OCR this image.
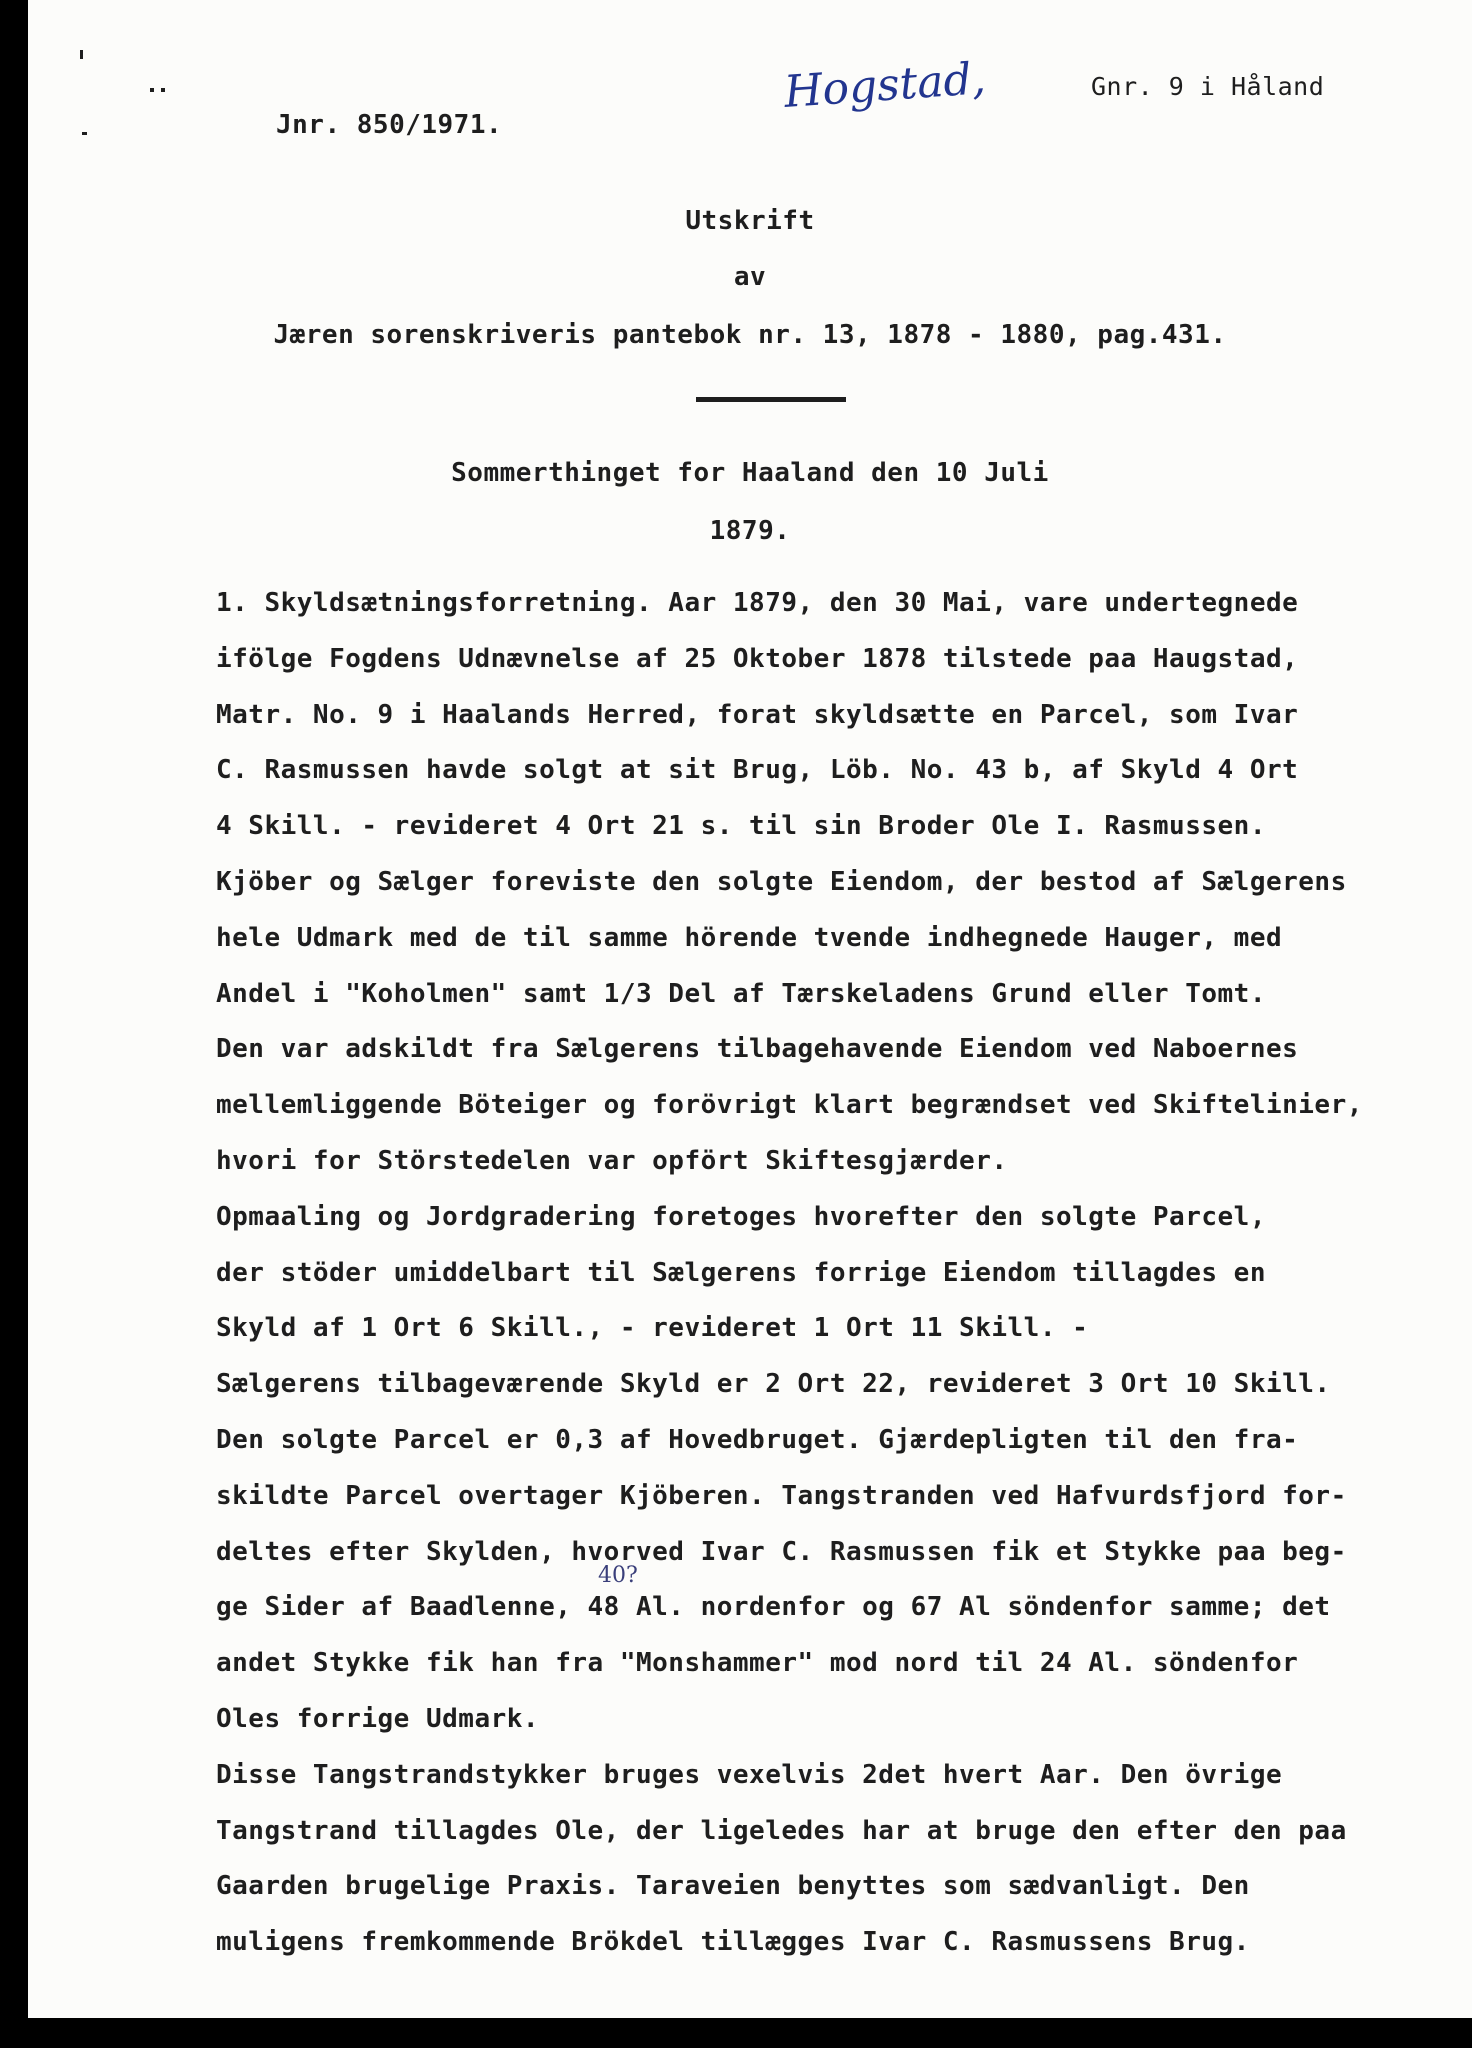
Hogstad,	Gnr. 9 i Håland
Jnr. 850/1971.
Utskrift
av
Jæren sorenskriveris pantebok nr. 13, 1878 - 1880, pag.431.
Sommerthinget for Haaland den 10 Juli
1879.
1. Skyldsætningsforretning. Aar 1879, den 30 Mai, vare undertegnede
ifölge Fogdens Udnævnelse af 25 Oktober 1878 tilstede paa Haugstad,
Matr. No. 9 i Haalands Herred, forat skyldsætte en Parcel, som Ivar
C. Rasmussen havde solgt at sit Brug, Löb. No. 43 b, af Skyld 4 Ort
4 Skill. - revideret 4 Ort 21 s. til sin Broder Ole I. Rasmussen.
Kjöber og Sælger foreviste den solgte Eiendom, der bestod af Sælgerens
hele Udmark med de til samme hörende tvende indhegnede Hauger, med
Andel i "Koholmen" samt 1/3 Del af Tærskeladens Grund eller Tomt.
Den var adskildt fra Sælgerens tilbagehavende Eiendom ved Naboernes
mellemliggende Böteiger og forövrigt klart begrændset ved Skiftelinier,
hvori for Störstedelen var opfört Skiftesgjærder.
Opmaaling og Jordgradering foretoges hvorefter den solgte Parcel,
der stöder umiddelbart til Sælgerens forrige Eiendom tillagdes en
Skyld af 1 Ort 6 Skill., - revideret 1 Ort 11 Skill. -
Sælgerens tilbageværende Skyld er 2 Ort 22, revideret 3 Ort 10 Skill.
Den solgte Parcel er 0,3 af Hovedbruget. Gjærdepligten til den fra-
skildte Parcel overtager Kjöberen. Tangstranden ved Hafvurdsfjord for-
deltes efter Skylden, hvorved Ivar C. Rasmussen fik et Stykke paa beg-
ge Sider af Baadlenne, 48 Al. nordenfor og 67 Al söndenfor samme; det
andet Stykke fik han fra "Monshammer" mod nord til 24 Al. söndenfor
Oles forrige Udmark.
Disse Tangstrandstykker bruges vexelvis 2det hvert Aar. Den övrige
Tangstrand tillagdes Ole, der ligeledes har at bruge den efter den paa
Gaarden brugelige Praxis. Taraveien benyttes som sædvanligt. Den
muligens fremkommende Brökdel tillægges Ivar C. Rasmussens Brug.
40?
